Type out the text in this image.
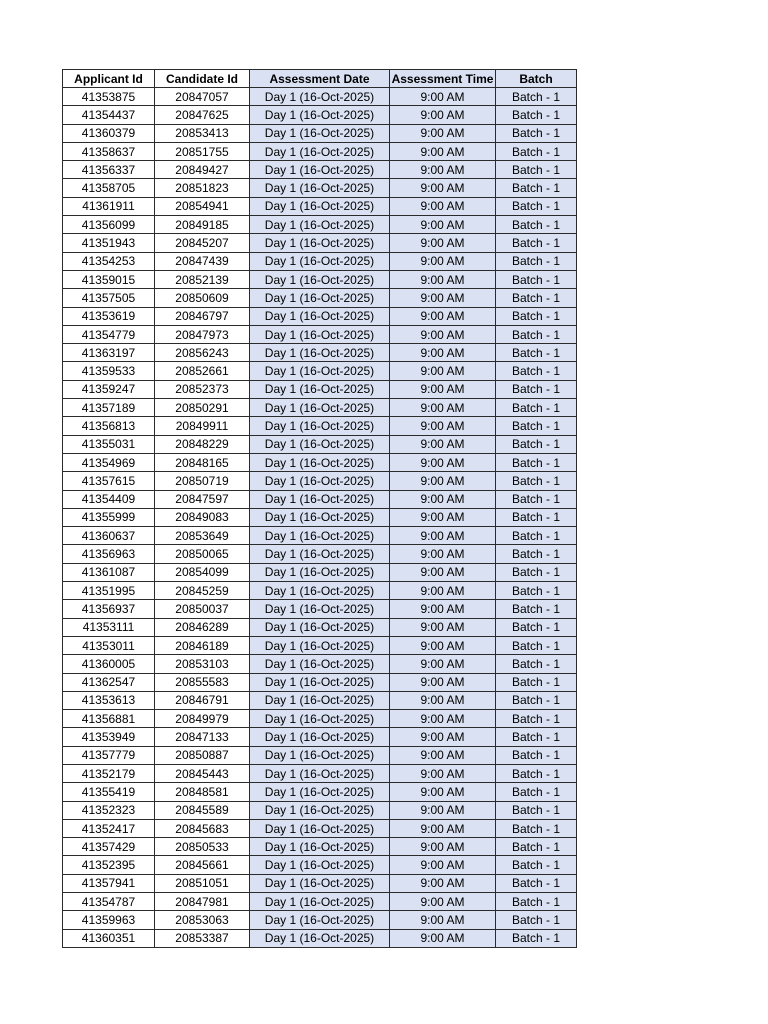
Applicant Id	Candidate Id	Assessment Date	Assessment Time	Batch
41353875	20847057	Day 1 (16-Oct-2025)	9:00 AM	Batch - 1
41354437	20847625	Day 1 (16-Oct-2025)	9:00 AM	Batch - 1
41360379	20853413	Day 1 (16-Oct-2025)	9:00 AM	Batch - 1
41358637	20851755	Day 1 (16-Oct-2025)	9:00 AM	Batch - 1
41356337	20849427	Day 1 (16-Oct-2025)	9:00 AM	Batch - 1
41358705	20851823	Day 1 (16-Oct-2025)	9:00 AM	Batch - 1
41361911	20854941	Day 1 (16-Oct-2025)	9:00 AM	Batch - 1
41356099	20849185	Day 1 (16-Oct-2025)	9:00 AM	Batch - 1
41351943	20845207	Day 1 (16-Oct-2025)	9:00 AM	Batch - 1
41354253	20847439	Day 1 (16-Oct-2025)	9:00 AM	Batch - 1
41359015	20852139	Day 1 (16-Oct-2025)	9:00 AM	Batch - 1
41357505	20850609	Day 1 (16-Oct-2025)	9:00 AM	Batch - 1
41353619	20846797	Day 1 (16-Oct-2025)	9:00 AM	Batch - 1
41354779	20847973	Day 1 (16-Oct-2025)	9:00 AM	Batch - 1
41363197	20856243	Day 1 (16-Oct-2025)	9:00 AM	Batch - 1
41359533	20852661	Day 1 (16-Oct-2025)	9:00 AM	Batch - 1
41359247	20852373	Day 1 (16-Oct-2025)	9:00 AM	Batch - 1
41357189	20850291	Day 1 (16-Oct-2025)	9:00 AM	Batch - 1
41356813	20849911	Day 1 (16-Oct-2025)	9:00 AM	Batch - 1
41355031	20848229	Day 1 (16-Oct-2025)	9:00 AM	Batch - 1
41354969	20848165	Day 1 (16-Oct-2025)	9:00 AM	Batch - 1
41357615	20850719	Day 1 (16-Oct-2025)	9:00 AM	Batch - 1
41354409	20847597	Day 1 (16-Oct-2025)	9:00 AM	Batch - 1
41355999	20849083	Day 1 (16-Oct-2025)	9:00 AM	Batch - 1
41360637	20853649	Day 1 (16-Oct-2025)	9:00 AM	Batch - 1
41356963	20850065	Day 1 (16-Oct-2025)	9:00 AM	Batch - 1
41361087	20854099	Day 1 (16-Oct-2025)	9:00 AM	Batch - 1
41351995	20845259	Day 1 (16-Oct-2025)	9:00 AM	Batch - 1
41356937	20850037	Day 1 (16-Oct-2025)	9:00 AM	Batch - 1
41353111	20846289	Day 1 (16-Oct-2025)	9:00 AM	Batch - 1
41353011	20846189	Day 1 (16-Oct-2025)	9:00 AM	Batch - 1
41360005	20853103	Day 1 (16-Oct-2025)	9:00 AM	Batch - 1
41362547	20855583	Day 1 (16-Oct-2025)	9:00 AM	Batch - 1
41353613	20846791	Day 1 (16-Oct-2025)	9:00 AM	Batch - 1
41356881	20849979	Day 1 (16-Oct-2025)	9:00 AM	Batch - 1
41353949	20847133	Day 1 (16-Oct-2025)	9:00 AM	Batch - 1
41357779	20850887	Day 1 (16-Oct-2025)	9:00 AM	Batch - 1
41352179	20845443	Day 1 (16-Oct-2025)	9:00 AM	Batch - 1
41355419	20848581	Day 1 (16-Oct-2025)	9:00 AM	Batch - 1
41352323	20845589	Day 1 (16-Oct-2025)	9:00 AM	Batch - 1
41352417	20845683	Day 1 (16-Oct-2025)	9:00 AM	Batch - 1
41357429	20850533	Day 1 (16-Oct-2025)	9:00 AM	Batch - 1
41352395	20845661	Day 1 (16-Oct-2025)	9:00 AM	Batch - 1
41357941	20851051	Day 1 (16-Oct-2025)	9:00 AM	Batch - 1
41354787	20847981	Day 1 (16-Oct-2025)	9:00 AM	Batch - 1
41359963	20853063	Day 1 (16-Oct-2025)	9:00 AM	Batch - 1
41360351	20853387	Day 1 (16-Oct-2025)	9:00 AM	Batch - 1
